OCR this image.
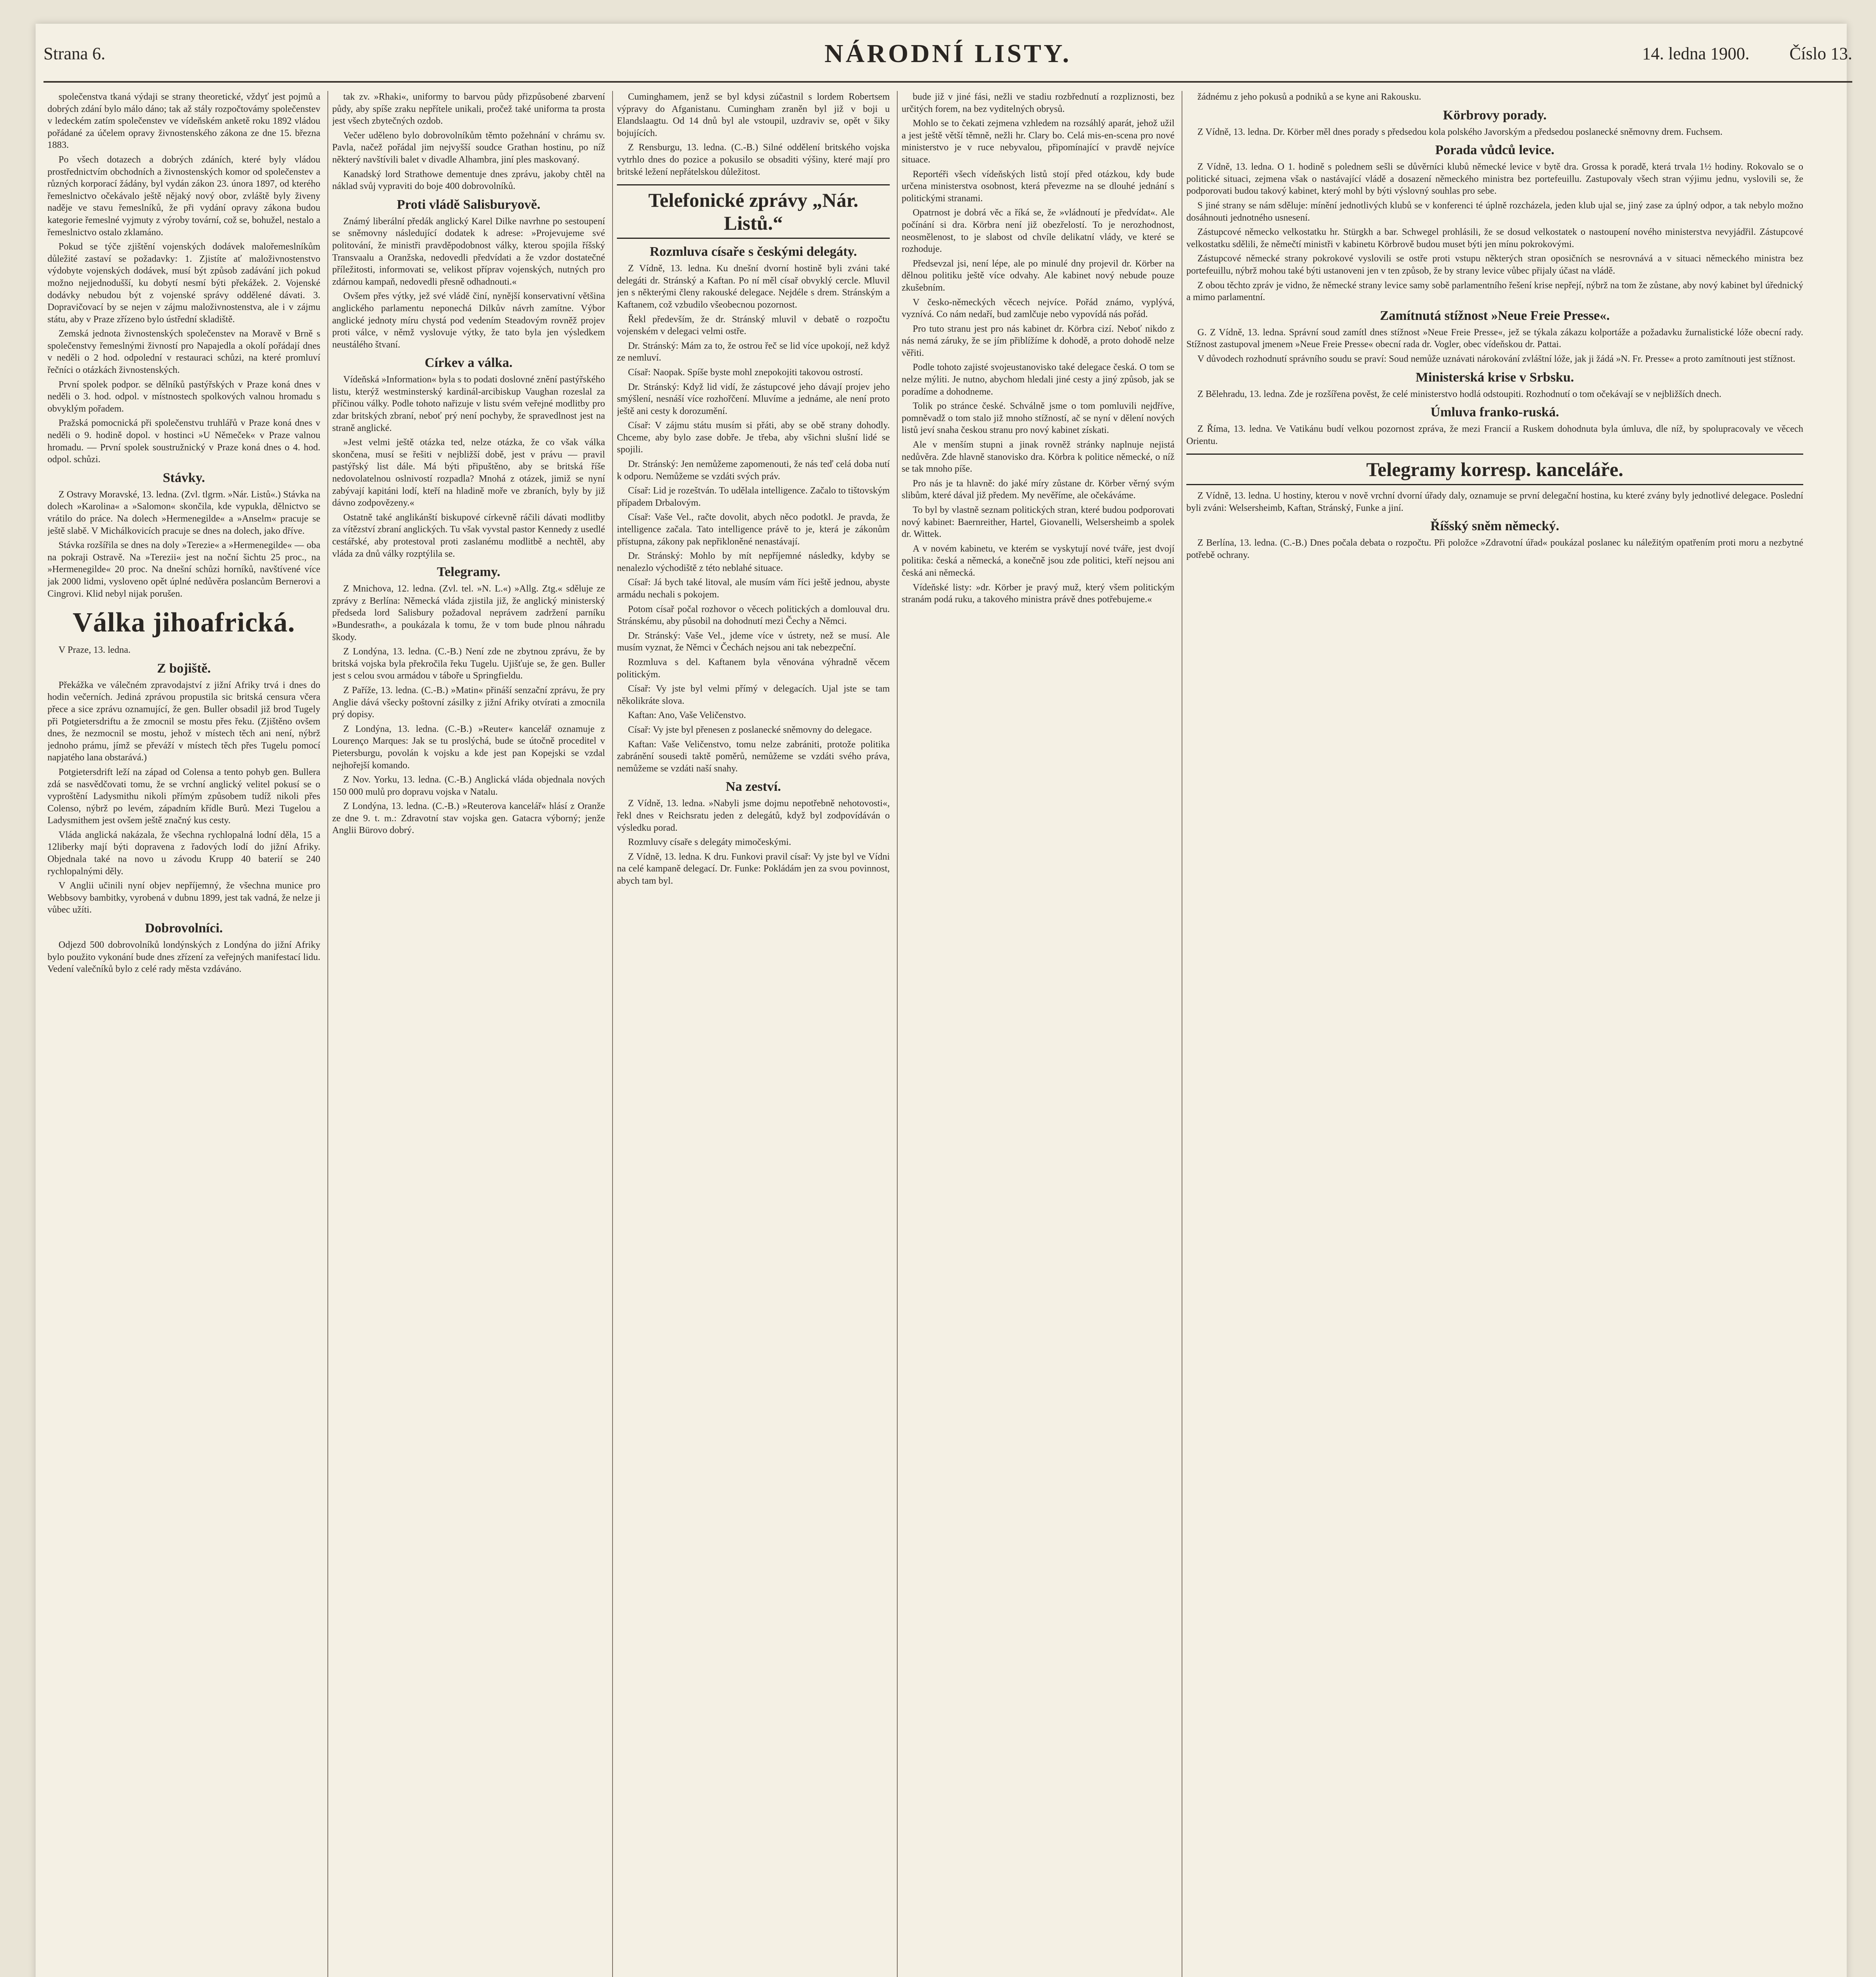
Strana 6.	NÁRODNÍ LISTY.	14. ledna 1900. Číslo 13.

společenstva tkaná výdaji se strany theoretické, vždyť jest pojmů a dobrých zdání bylo málo dáno; tak až stály rozpočtovámy společenstev v ledeckém zatím společenstev ve vídeňském anketě roku 1892 vládou pořádané za účelem opravy živnostenského zákona ze dne 15. března 1883.

Po všech dotazech a dobrých zdáních, které byly vládou prostřednictvím obchodních a živnostenských komor od společenstev a různých korporací žádány, byl vydán zákon 23. února 1897, od kterého řemeslnictvo očekávalo ještě nějaký nový obor, zvláště byly živeny naděje ve stavu řemeslníků, že při vydání opravy zákona budou kategorie řemeslné vyjmuty z výroby tovární, což se, bohužel, nestalo a řemeslnictvo ostalo zklamáno.

Pokud se týče zjištění vojenských dodávek malořemeslníkům důležité zastaví se požadavky: 1. Zjistíte ať maloživnostenstvo výdobyte vojenských dodávek, musí být způsob zadávání jich pokud možno nejjednodušší, ku dobytí nesmí býti překážek. 2. Vojenské dodávky nebudou být z vojenské správy oddělené dávati. 3. Dopravičovací by se nejen v zájmu maloživnostenstva, ale i v zájmu státu, aby v Praze zřízeno bylo ústřední skladiště.

Zemská jednota živnostenských společenstev na Moravě v Brně s společenstvy řemeslnými živností pro Napajedla a okolí pořádají dnes v neděli o 2 hod. odpolední v restauraci schůzi, na které promluví řečníci o otázkách živnostenských.

První spolek podpor. se dělníků pastýřských v Praze koná dnes v neděli o 3. hod. odpol. v místnostech spolkových valnou hromadu s obvyklým pořadem.

Pražská pomocnická při společenstvu truhlářů v Praze koná dnes v neděli o 9. hodině dopol. v hostinci »U Němeček« v Praze valnou hromadu. — První spolek soustružnický v Praze koná dnes o 4. hod. odpol. schůzi.

Stávky.

Z Ostravy Moravské, 13. ledna. (Zvl. tlgrm. »Nár. Listů«.) Stávka na dolech »Karolina« a »Salomon« skončila, kde vypukla, dělnictvo se vrátilo do práce. Na dolech »Hermenegilde« a »Anselm« pracuje se ještě slabě. V Michálkovicích pracuje se dnes na dolech, jako dříve.

Stávka rozšířila se dnes na doly »Terezie« a »Hermenegilde« — oba na pokraji Ostravě. Na »Terezii« jest na noční šichtu 25 proc., na »Hermenegilde« 20 proc. Na dnešní schůzi horníků, navštívené více jak 2000 lidmi, vysloveno opět úplné nedůvěra poslancům Bernerovi a Cingrovi. Klid nebyl nijak porušen.

Válka jihoafrická.

V Praze, 13. ledna.

Z bojiště.

Překážka ve válečném zpravodajství z jižní Afriky trvá i dnes do hodin večerních. Jediná zprávou propustila sic britská censura včera přece a sice zprávu oznamující, že gen. Buller obsadil již brod Tugely při Potgietersdriftu a že zmocnil se mostu přes řeku. (Zjištěno ovšem dnes, že nezmocnil se mostu, jehož v místech těch ani není, nýbrž jednoho prámu, jímž se převáží v místech těch přes Tugelu pomocí napjatého lana obstarává.)

Potgietersdrift leží na západ od Colensa a tento pohyb gen. Bullera zdá se nasvědčovati tomu, že se vrchní anglický velitel pokusí se o vyproštění Ladysmithu nikoli přímým způsobem tudíž nikoli přes Colenso, nýbrž po levém, západním křídle Burů. Mezi Tugelou a Ladysmithem jest ovšem ještě značný kus cesty.

Vláda anglická nakázala, že všechna rychlopalná lodní děla, 15 a 12liberky mají býti dopravena z řadových lodí do jižní Afriky. Objednala také na novo u závodu Krupp 40 baterií se 240 rychlopalnými děly.

V Anglii učinili nyní objev nepříjemný, že všechna munice pro Webbsovy bambitky, vyrobená v dubnu 1899, jest tak vadná, že nelze ji vůbec užíti.

Dobrovolníci.

Odjezd 500 dobrovolníků londýnských z Londýna do jižní Afriky bylo použito vykonání bude dnes zřízení za veřejných manifestací lidu. Vedení valečníků bylo z celé rady města vzdáváno.

tak zv. »Rhaki«, uniformy to barvou půdy přizpůsobené zbarvení půdy, aby spíše zraku nepřítele unikali, pročež také uniforma ta prosta jest všech zbytečných ozdob.

Večer uděleno bylo dobrovolníkům těmto požehnání v chrámu sv. Pavla, načež pořádal jim nejvyšší soudce Grathan hostinu, po níž některý navštívili balet v divadle Alhambra, jiní ples maskovaný.

Kanadský lord Strathowe dementuje dnes zprávu, jakoby chtěl na náklad svůj vypraviti do boje 400 dobrovolníků.

Proti vládě Salisburyově.

Známý liberální předák anglický Karel Dilke navrhne po sestoupení se sněmovny následující dodatek k adrese: »Projevujeme své politování, že ministři pravděpodobnost války, kterou spojila říšský Transvaalu a Oranžska, nedovedli předvídati a že vzdor dostatečné příležitosti, informovati se, velikost příprav vojenských, nutných pro zdárnou kampaň, nedovedli přesně odhadnouti.«

Ovšem přes výtky, jež své vládě činí, nynější konservativní většina anglického parlamentu neponechá Dilkův návrh zamítne. Výbor anglické jednoty míru chystá pod vedením Steadovým rovněž projev proti válce, v němž vyslovuje výtky, že tato byla jen výsledkem neustálého štvaní.

Církev a válka.

Vídeňská »Information« byla s to podati doslovné znění pastýřského listu, kterýž westminsterský kardinál-arcibiskup Vaughan rozeslal za příčinou války. Podle tohoto nařizuje v listu svém veřejné modlitby pro zdar britských zbraní, neboť prý není pochyby, že spravedlnost jest na straně anglické.

»Jest velmi ještě otázka ted, nelze otázka, že co však válka skončena, musí se řešiti v nejbližší době, jest v právu — pravil pastýřský list dále. Má býti připuštěno, aby se britská říše nedovolatelnou oslnivostí rozpadla? Mnohá z otázek, jimiž se nyní zabývají kapitáni lodí, kteří na hladině moře ve zbraních, byly by již dávno zodpovězeny.«

Ostatně také anglikánští biskupové církevně ráčili dávati modlitby za vítězství zbraní anglických. Tu však vyvstal pastor Kennedy z usedlé cestářské, aby protestoval proti zaslanému modlitbě a nechtěl, aby vláda za dnů války rozptýlila se.

Telegramy.

Z Mnichova, 12. ledna. (Zvl. tel. »N. L.«) »Allg. Ztg.« sděluje ze zprávy z Berlína: Německá vláda zjistila již, že anglický ministerský předseda lord Salisbury požadoval neprávem zadržení parníku »Bundesrath«, a poukázala k tomu, že v tom bude plnou náhradu škody.

Z Londýna, 13. ledna. (C.-B.) Není zde ne zbytnou zprávu, že by britská vojska byla překročila řeku Tugelu. Ujišťuje se, že gen. Buller jest s celou svou armádou v táboře u Springfieldu.

Z Paříže, 13. ledna. (C.-B.) »Matin« přináší senzační zprávu, že pry Anglie dává všecky poštovní zásilky z jižní Afriky otvírati a zmocnila prý dopisy.

Z Londýna, 13. ledna. (C.-B.) »Reuter« kancelář oznamuje z Lourenço Marques: Jak se tu proslýchá, bude se útočně proceditel v Pietersburgu, povolán k vojsku a kde jest pan Kopejski se vzdal nejhořejší komando.

Z Nov. Yorku, 13. ledna. (C.-B.) Anglická vláda objednala nových 150 000 mulů pro dopravu vojska v Natalu.

Z Londýna, 13. ledna. (C.-B.) »Reuterova kancelář« hlásí z Oranže ze dne 9. t. m.: Zdravotní stav vojska gen. Gatacra výborný; jenže Anglii Bürovo dobrý.

Cuminghamem, jenž se byl kdysi zúčastnil s lordem Robertsem výpravy do Afganistanu. Cumingham zraněn byl již v boji u Elandslaagtu. Od 14 dnů byl ale vstoupil, uzdraviv se, opět v šiky bojujících.

Z Rensburgu, 13. ledna. (C.-B.) Silné oddělení britského vojska vytrhlo dnes do pozice a pokusilo se obsaditi výšiny, které mají pro britské ležení nepřátelskou důležitost.

Telefonické zprávy „Nár. Listů.“
Rozmluva císaře s českými delegáty.

Z Vídně, 13. ledna. Ku dnešní dvorní hostině byli zváni také delegáti dr. Stránský a Kaftan. Po ní měl císař obvyklý cercle. Mluvil jen s některými členy rakouské delegace. Nejdéle s drem. Stránským a Kaftanem, což vzbudilo všeobecnou pozornost.

Řekl především, že dr. Stránský mluvil v debatě o rozpočtu vojenském v delegaci velmi ostře.

Dr. Stránský: Mám za to, že ostrou řeč se lid více upokojí, než když ze nemluví.

Císař: Naopak. Spíše byste mohl znepokojiti takovou ostrostí.

Dr. Stránský: Když lid vidí, že zástupcové jeho dávají projev jeho smýšlení, nesnáší více rozhořčení. Mluvíme a jednáme, ale není proto ještě ani cesty k dorozumění.

Císař: V zájmu státu musím si přáti, aby se obě strany dohodly. Chceme, aby bylo zase dobře. Je třeba, aby všichni slušní lidé se spojili.

Dr. Stránský: Jen nemůžeme zapomenouti, že nás teď celá doba nutí k odporu. Nemůžeme se vzdáti svých práv.

Císař: Lid je rozeštván. To udělala intelligence. Začalo to tištovským případem Drbalovým.

Císař: Vaše Vel., račte dovolit, abych něco podotkl. Je pravda, že intelligence začala. Tato intelligence právě to je, která je zákonům přístupna, zákony pak nepřikloněné nenastávají.

Dr. Stránský: Mohlo by mít nepříjemné následky, kdyby se nenalezlo východiště z této neblahé situace.

Císař: Já bych také litoval, ale musím vám říci ještě jednou, abyste armádu nechali s pokojem.

Potom císař počal rozhovor o věcech politických a domlouval dru. Stránskému, aby působil na dohodnutí mezi Čechy a Němci.

Dr. Stránský: Vaše Vel., jdeme více v ústrety, než se musí. Ale musím vyznat, že Němci v Čechách nejsou ani tak nebezpeční.

Rozmluva s del. Kaftanem byla věnována výhradně věcem politickým.

Císař: Vy jste byl velmi přímý v delegacích. Ujal jste se tam několikráte slova.

Kaftan: Ano, Vaše Veličenstvo.

Císař: Vy jste byl přenesen z poslanecké sněmovny do delegace.

Kaftan: Vaše Veličenstvo, tomu nelze zabrániti, protože politika zabránění sousedi taktě poměrů, nemůžeme se vzdáti svého práva, nemůžeme se vzdáti naší snahy.

Na zeství.

Z Vídně, 13. ledna. »Nabyli jsme dojmu nepotřebně nehotovosti«, řekl dnes v Reichsratu jeden z delegátů, když byl zodpovídáván o výsledku porad.

Rozmluvy císaře s delegáty mimočeskými.

Z Vídně, 13. ledna. K dru. Funkovi pravil císař: Vy jste byl ve Vídni na celé kampaně delegací. Dr. Funke: Pokládám jen za svou povinnost, abych tam byl.

bude již v jiné fási, nežli ve stadiu rozbřednutí a rozpliznosti, bez určitých forem, na bez vyditelných obrysů.

Mohlo se to čekati zejmena vzhledem na rozsáhlý aparát, jehož užil a jest ještě větší těmně, nežli hr. Clary bo. Celá mis-en-scena pro nové ministerstvo je v ruce nebyvalou, připomínající v pravdě nejvíce situace.

Reportéři všech vídeňských listů stojí před otázkou, kdy bude určena ministerstva osobnost, která převezme na se dlouhé jednání s politickými stranami.

Opatrnost je dobrá věc a říká se, že »vládnoutí je předvídat«. Ale počínání si dra. Körbra není již obezřelostí. To je nerozhodnost, neosmělenost, to je slabost od chvíle delikatní vlády, ve které se rozhoduje.

Předsevzal jsi, není lépe, ale po minulé dny projevil dr. Körber na dělnou politiku ještě více odvahy. Ale kabinet nový nebude pouze zkušebním.

V česko-německých věcech nejvíce. Pořád známo, vyplývá, vyznívá. Co nám nedaří, bud zamlčuje nebo vypovídá nás pořád.

Pro tuto stranu jest pro nás kabinet dr. Körbra cizí. Neboť nikdo z nás nemá záruky, že se jím přiblížíme k dohodě, a proto dohodě nelze věřiti.

Podle tohoto zajisté svojeustanovisko také delegace česká. O tom se nelze mýliti. Je nutno, abychom hledali jiné cesty a jiný způsob, jak se poradíme a dohodneme.

Tolik po stránce české. Schválně jsme o tom pomluvili nejdříve, pomněvadž o tom stalo již mnoho stížností, ač se nyní v dělení nových listů jeví snaha českou stranu pro nový kabinet získati.

Ale v menším stupni a jinak rovněž stránky naplnuje nejistá nedůvěra. Zde hlavně stanovisko dra. Körbra k politice německé, o níž se tak mnoho píše.

Pro nás je ta hlavně: do jaké míry zůstane dr. Körber věrný svým slibům, které dával již předem. My nevěříme, ale očekáváme.

To byl by vlastně seznam politických stran, které budou podporovati nový kabinet: Baernreither, Hartel, Giovanelli, Welsersheimb a spolek dr. Wittek.

A v novém kabinetu, ve kterém se vyskytují nové tváře, jest dvojí politika: česká a německá, a konečně jsou zde politici, kteří nejsou ani česká ani německá.

Vídeňské listy: »dr. Körber je pravý muž, který všem politickým stranám podá ruku, a takového ministra právě dnes potřebujeme.«

žádnému z jeho pokusů a podniků a se kyne ani Rakousku.

Körbrovy porady.

Z Vídně, 13. ledna. Dr. Körber měl dnes porady s předsedou kola polského Javorským a předsedou poslanecké sněmovny drem. Fuchsem.

Porada vůdců levice.

Z Vídně, 13. ledna. O 1. hodině s polednem sešli se důvěrníci klubů německé levice v bytě dra. Grossa k poradě, která trvala 1½ hodiny. Rokovalo se o politické situaci, zejmena však o nastávající vládě a dosazení německého ministra bez portefeuillu. Zastupovaly všech stran výjimu jednu, vyslovili se, že podporovati budou takový kabinet, který mohl by býti výslovný souhlas pro sebe.

S jiné strany se nám sděluje: mínění jednotlivých klubů se v konferenci té úplně rozcházela, jeden klub ujal se, jiný zase za úplný odpor, a tak nebylo možno dosáhnouti jednotného usnesení.

Zástupcové německo velkostatku hr. Stürgkh a bar. Schwegel prohlásili, že se dosud velkostatek o nastoupení nového ministerstva nevyjádřil. Zástupcové velkostatku sdělili, že němečtí ministři v kabinetu Körbrově budou muset býti jen mínu pokrokovými.

Zástupcové německé strany pokrokové vyslovili se ostře proti vstupu některých stran oposičních se nesrovnává a v situaci německého ministra bez portefeuillu, nýbrž mohou také býti ustanoveni jen v ten způsob, že by strany levice vůbec přijaly účast na vládě.

Z obou těchto zpráv je vidno, že německé strany levice samy sobě parlamentního řešení krise nepřejí, nýbrž na tom že zůstane, aby nový kabinet byl úřednický a mimo parlamentní.

Zamítnutá stížnost »Neue Freie Presse«.

G. Z Vídně, 13. ledna. Správní soud zamítl dnes stížnost »Neue Freie Presse«, jež se týkala zákazu kolportáže a požadavku žurnalistické lóže obecní rady. Stížnost zastupoval jmenem »Neue Freie Presse« obecní rada dr. Vogler, obec vídeňskou dr. Pattai.

V důvodech rozhodnutí správního soudu se praví: Soud nemůže uznávati nárokování zvláštní lóže, jak ji žádá »N. Fr. Presse« a proto zamítnouti jest stížnost.

Ministerská krise v Srbsku.

Z Bělehradu, 13. ledna. Zde je rozšířena pověst, že celé ministerstvo hodlá odstoupiti. Rozhodnutí o tom očekávají se v nejbližších dnech.

Úmluva franko-ruská.

Z Říma, 13. ledna. Ve Vatikánu budí velkou pozornost zpráva, že mezi Francií a Ruskem dohodnuta byla úmluva, dle níž, by spolupracovaly ve věcech Orientu.

Telegramy korresp. kanceláře.

Z Vídně, 13. ledna. U hostiny, kterou v nově vrchní dvorní úřady daly, oznamuje se první delegační hostina, ku které zvány byly jednotlivé delegace. Poslední byli zváni: Welsersheimb, Kaftan, Stránský, Funke a jiní.

Říšský sněm německý.

Z Berlína, 13. ledna. (C.-B.) Dnes počala debata o rozpočtu. Při položce »Zdravotní úřad« poukázal poslanec ku náležitým opatřením proti moru a nezbytné potřebě ochrany.
